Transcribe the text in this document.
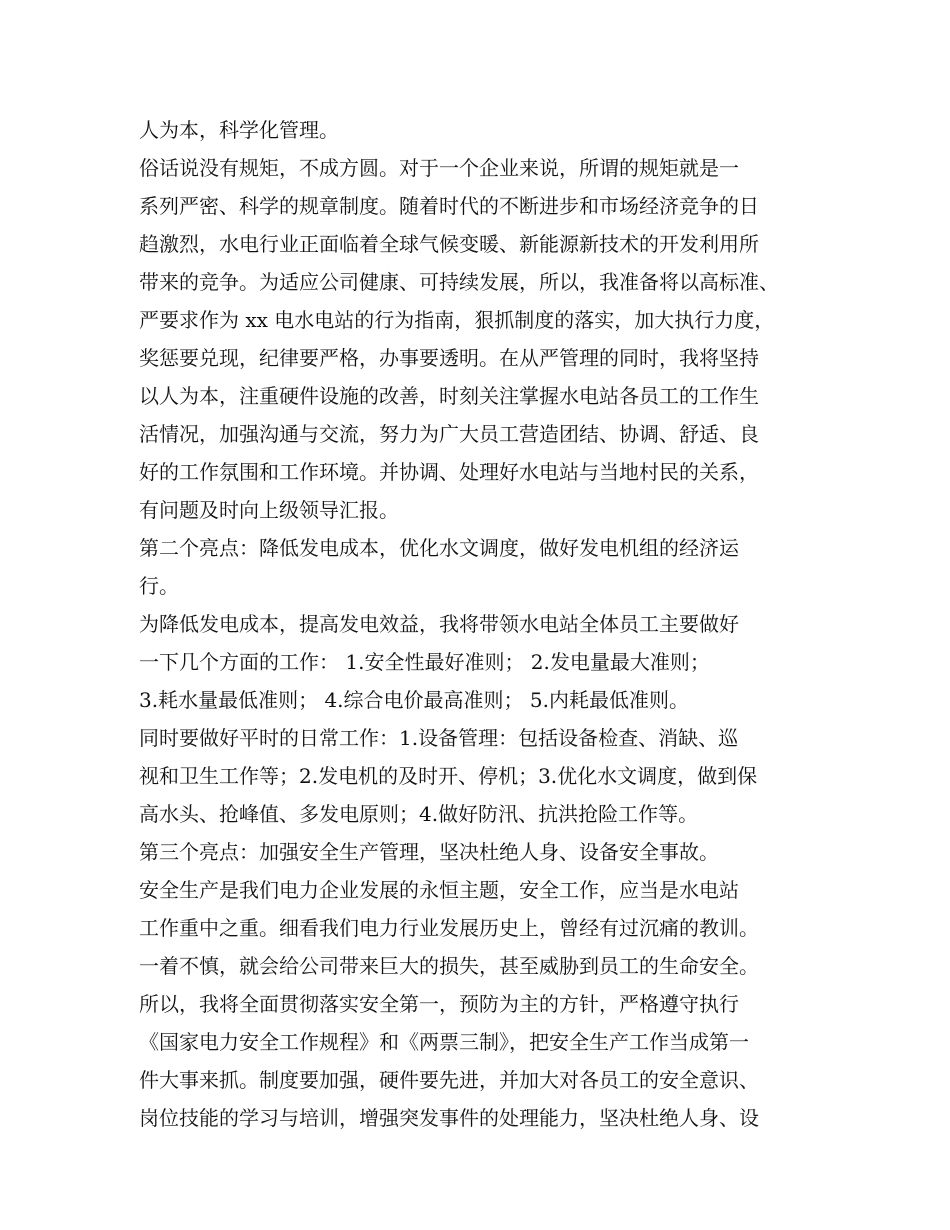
人为本，科学化管理。
俗话说没有规矩，不成方圆。对于一个企业来说，所谓的规矩就是一
系列严密、科学的规章制度。随着时代的不断进步和市场经济竞争的日
趋激烈，水电行业正面临着全球气候变暖、新能源新技术的开发利用所
带来的竞争。为适应公司健康、可持续发展，所以，我准备将以高标准、
严要求作为 xx 电水电站的行为指南，狠抓制度的落实，加大执行力度，
奖惩要兑现，纪律要严格，办事要透明。在从严管理的同时，我将坚持
以人为本，注重硬件设施的改善，时刻关注掌握水电站各员工的工作生
活情况，加强沟通与交流，努力为广大员工营造团结、协调、舒适、良
好的工作氛围和工作环境。并协调、处理好水电站与当地村民的关系，
有问题及时向上级领导汇报。
第二个亮点：降低发电成本，优化水文调度，做好发电机组的经济运
行。
为降低发电成本，提高发电效益，我将带领水电站全体员工主要做好
一下几个方面的工作： 1.安全性最好准则； 2.发电量最大准则；
3.耗水量最低准则； 4.综合电价最高准则； 5.内耗最低准则。
同时要做好平时的日常工作：1.设备管理：包括设备检查、消缺、巡
视和卫生工作等；2.发电机的及时开、停机；3.优化水文调度，做到保
高水头、抢峰值、多发电原则；4.做好防汛、抗洪抢险工作等。
第三个亮点：加强安全生产管理，坚决杜绝人身、设备安全事故。
安全生产是我们电力企业发展的永恒主题，安全工作，应当是水电站
工作重中之重。细看我们电力行业发展历史上，曾经有过沉痛的教训。
一着不慎，就会给公司带来巨大的损失，甚至威胁到员工的生命安全。
所以，我将全面贯彻落实安全第一，预防为主的方针，严格遵守执行
《国家电力安全工作规程》和《两票三制》，把安全生产工作当成第一
件大事来抓。制度要加强，硬件要先进，并加大对各员工的安全意识、
岗位技能的学习与培训，增强突发事件的处理能力，坚决杜绝人身、设
